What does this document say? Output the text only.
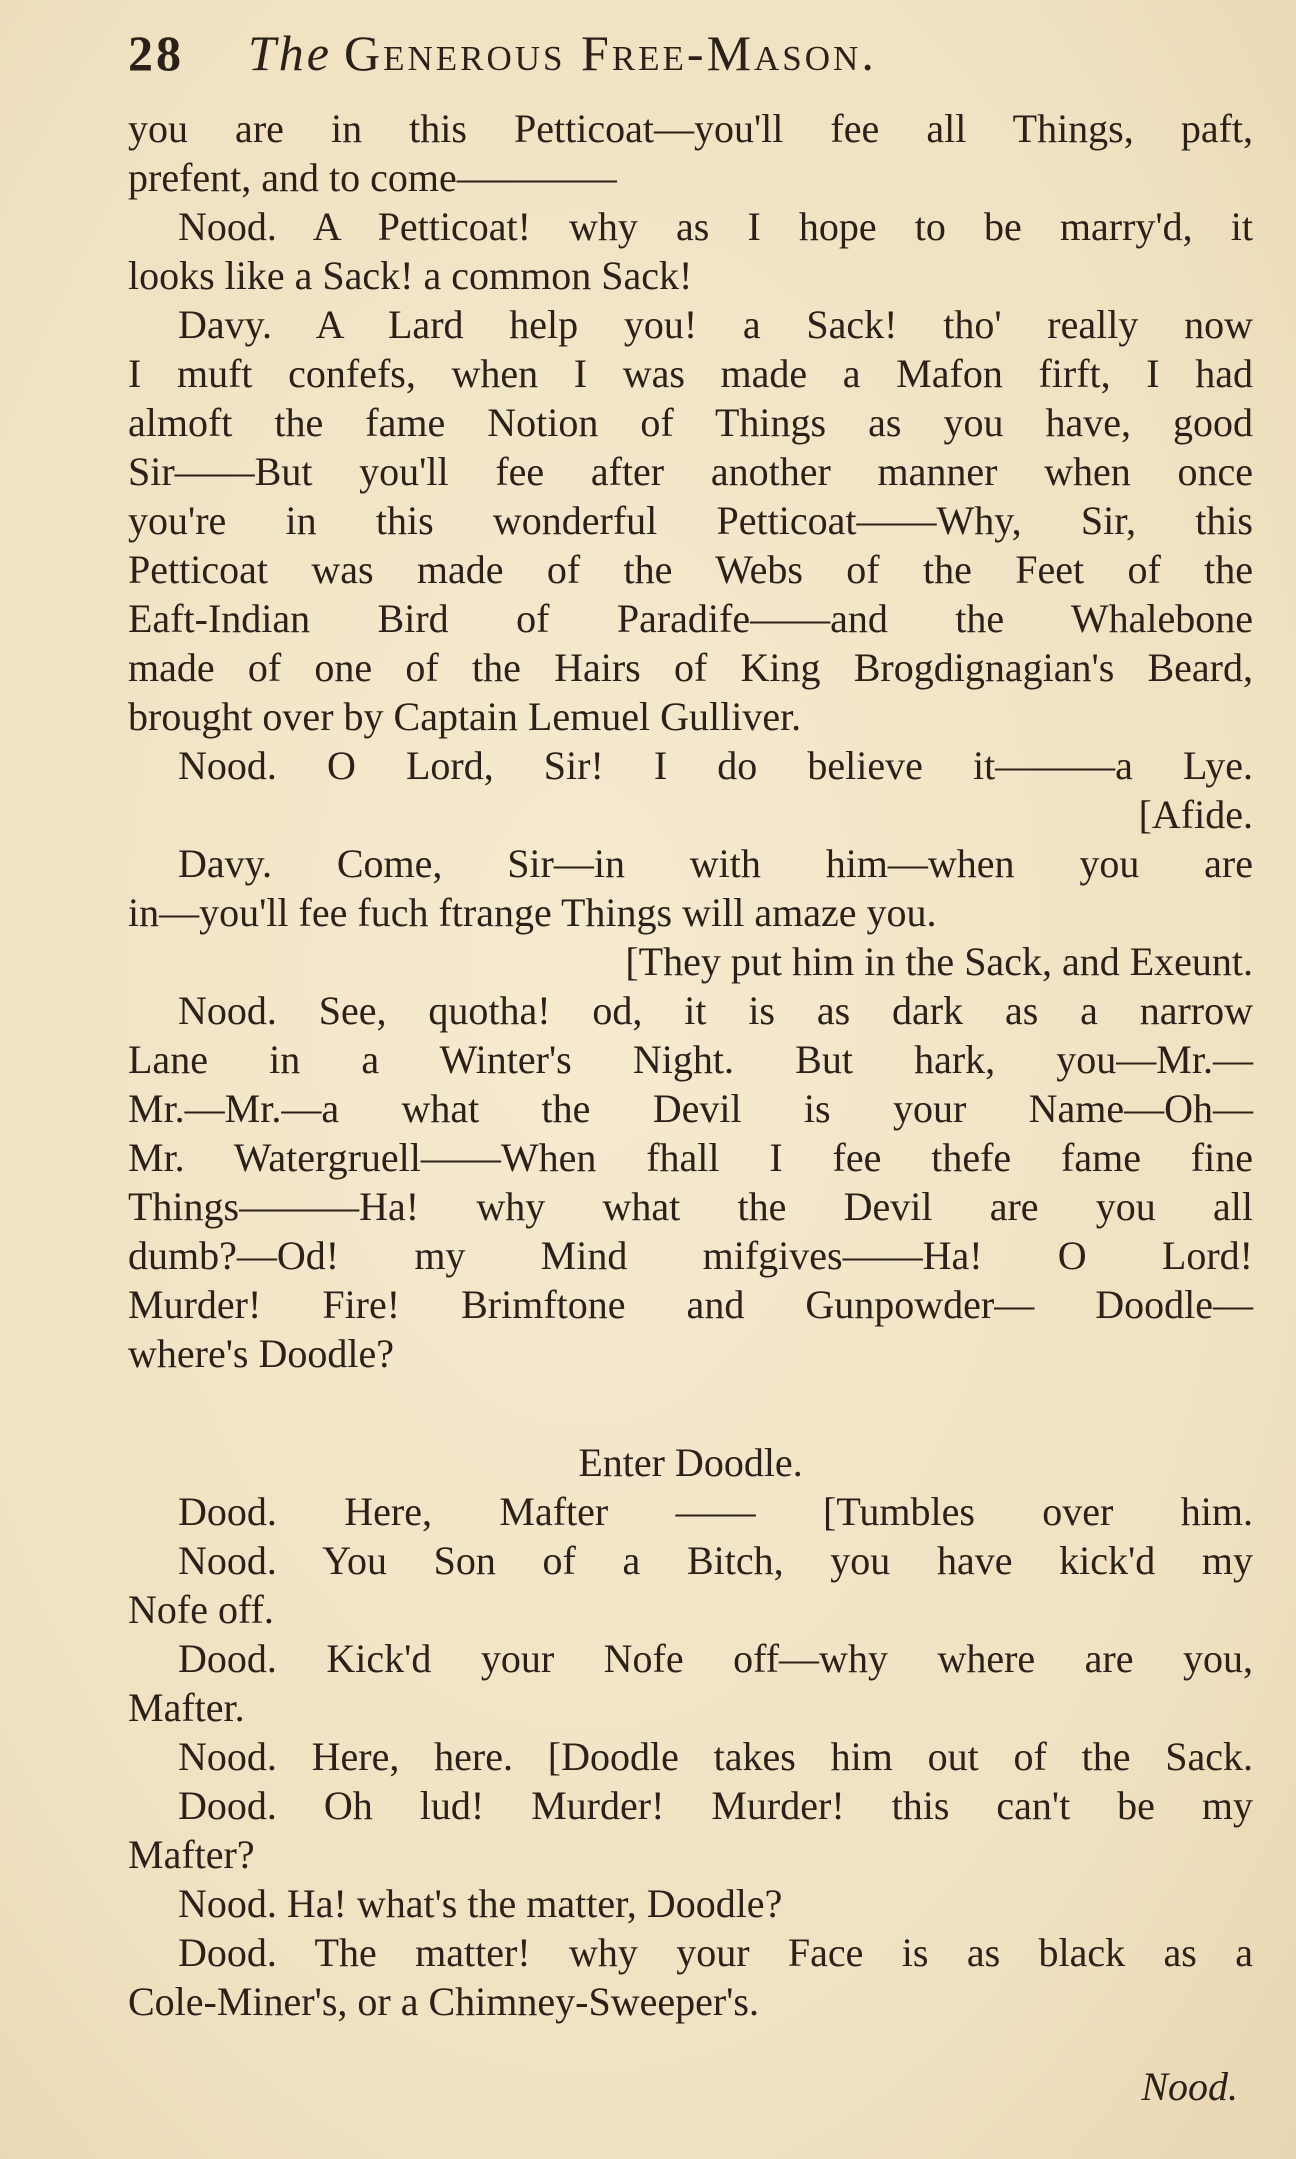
28	The Generous Free-Mason.
you are in this Petticoat—you'll fee all Things, paft,
prefent, and to come————
Nood. A Petticoat! why as I hope to be marry'd, it
looks like a Sack! a common Sack!
Davy. A Lard help you! a Sack! tho' really now
I muft confefs, when I was made a Mafon firft, I had
almoft the fame Notion of Things as you have, good
Sir——But you'll fee after another manner when once
you're in this wonderful Petticoat——Why, Sir, this
Petticoat was made of the Webs of the Feet of the
Eaft-Indian Bird of Paradife——and the Whalebone
made of one of the Hairs of King Brogdignagian's Beard,
brought over by Captain Lemuel Gulliver.
Nood. O Lord, Sir! I do believe it———a Lye.
[Afide.
Davy. Come, Sir—in with him—when you are
in—you'll fee fuch ftrange Things will amaze you.
[They put him in the Sack, and Exeunt.
Nood. See, quotha! od, it is as dark as a narrow
Lane in a Winter's Night. But hark, you—Mr.—
Mr.—Mr.—a what the Devil is your Name—Oh—
Mr. Watergruell——When fhall I fee thefe fame fine
Things———Ha! why what the Devil are you all
dumb?—Od! my Mind mifgives——Ha! O Lord!
Murder! Fire! Brimftone and Gunpowder— Doodle—
where's Doodle?
Enter Doodle.
Dood. Here, Mafter —— [Tumbles over him.
Nood. You Son of a Bitch, you have kick'd my
Nofe off.
Dood. Kick'd your Nofe off—why where are you,
Mafter.
Nood. Here, here. [Doodle takes him out of the Sack.
Dood. Oh lud! Murder! Murder! this can't be my
Mafter?
Nood. Ha! what's the matter, Doodle?
Dood. The matter! why your Face is as black as a
Cole-Miner's, or a Chimney-Sweeper's.
Nood.
